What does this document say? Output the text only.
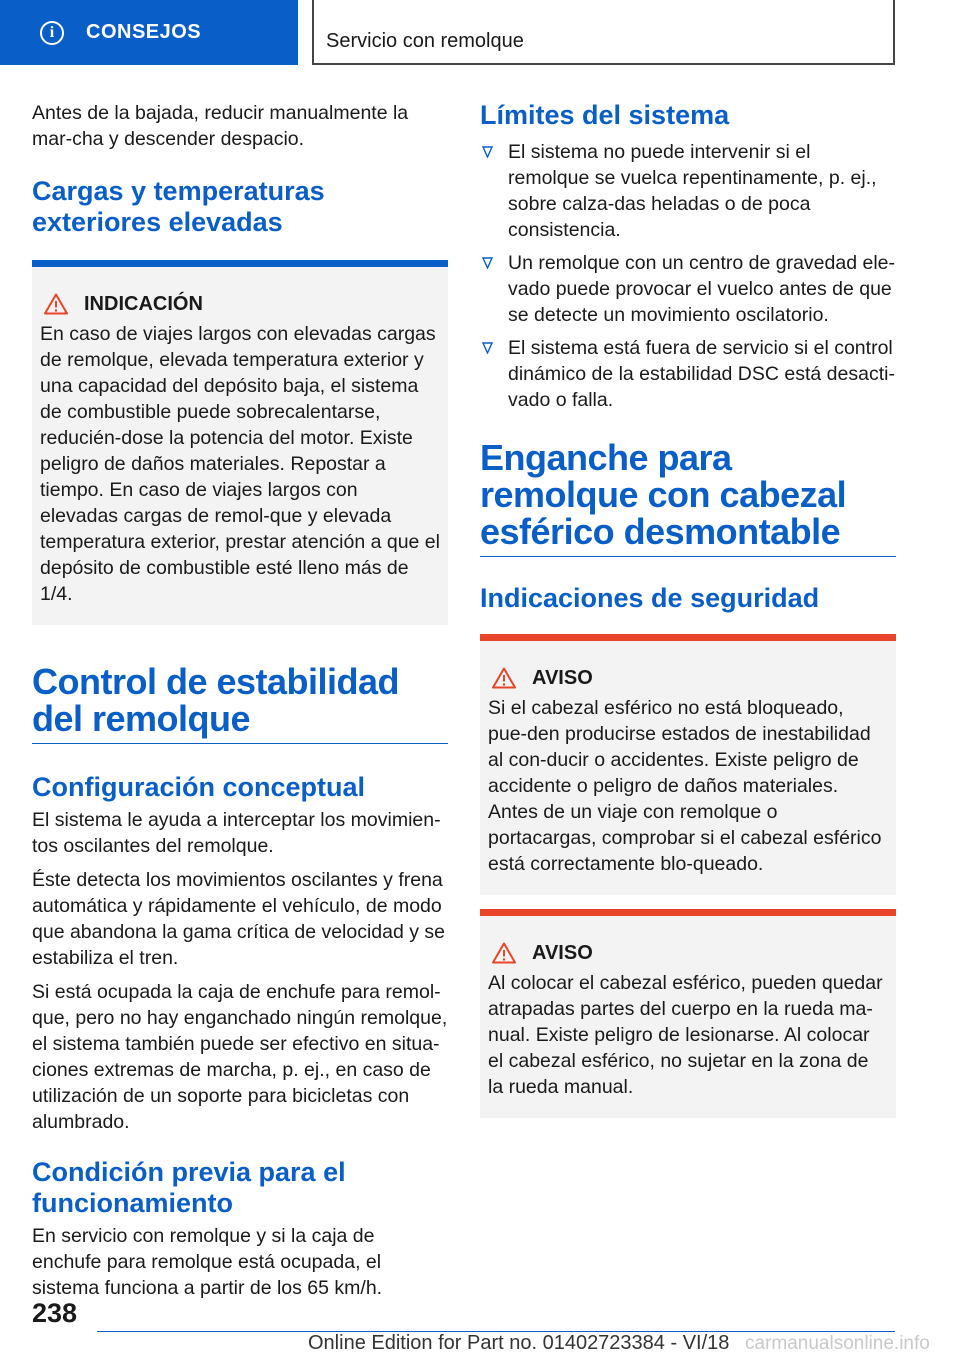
i	CONSEJOS	Servicio con remolque

Antes de la bajada, reducir manualmente la mar‐cha y descender despacio.

Cargas y temperaturas exteriores elevadas
INDICACIÓN
En caso de viajes largos con elevadas cargas de remolque, elevada temperatura exterior y una capacidad del depósito baja, el sistema de combustible puede sobrecalentarse, reducién‐dose la potencia del motor. Existe peligro de daños materiales. Repostar a tiempo. En caso de viajes largos con elevadas cargas de remol‐que y elevada temperatura exterior, prestar atención a que el depósito de combustible esté lleno más de 1/4.
Control de estabilidad del remolque
Configuración conceptual

El sistema le ayuda a interceptar los movimien‐tos oscilantes del remolque.

Éste detecta los movimientos oscilantes y frena automática y rápidamente el vehículo, de modo que abandona la gama crítica de velocidad y se estabiliza el tren.

Si está ocupada la caja de enchufe para remol‐que, pero no hay enganchado ningún remolque, el sistema también puede ser efectivo en situa‐ciones extremas de marcha, p. ej., en caso de utilización de un soporte para bicicletas con alumbrado.

Condición previa para el funcionamiento

En servicio con remolque y si la caja de enchufe para remolque está ocupada, el sistema funciona a partir de los 65 km/h.

Límites del sistema
El sistema no puede intervenir si el remolque se vuelca repentinamente, p. ej., sobre calza‐das heladas o de poca consistencia.
Un remolque con un centro de gravedad ele‐vado puede provocar el vuelco antes de que se detecte un movimiento oscilatorio.
El sistema está fuera de servicio si el control dinámico de la estabilidad DSC está desacti‐vado o falla.
Enganche para remolque con cabezal esférico desmontable
Indicaciones de seguridad
AVISO
Si el cabezal esférico no está bloqueado, pue‐den producirse estados de inestabilidad al con‐ducir o accidentes. Existe peligro de accidente o peligro de daños materiales. Antes de un viaje con remolque o portacargas, comprobar si el cabezal esférico está correctamente blo‐queado.
AVISO
Al colocar el cabezal esférico, pueden quedar atrapadas partes del cuerpo en la rueda ma‐nual. Existe peligro de lesionarse. Al colocar el cabezal esférico, no sujetar en la zona de la rueda manual.
238
Online Edition for Part no. 01402723384 - VI/18 carmanualsonline.info
